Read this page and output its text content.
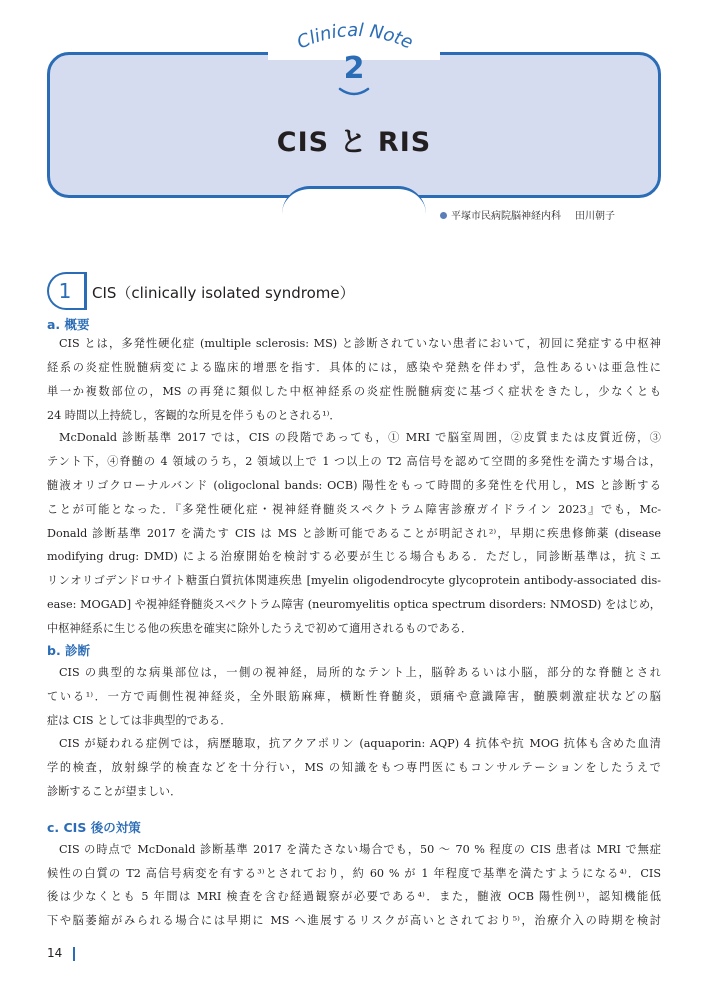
Clinical Note
2
CIS と RIS
平塚市民病院脳神経内科 田川朝子
1	CIS（clinically isolated syndrome）
a. 概要
CIS とは，多発性硬化症 (multiple sclerosis: MS) と診断されていない患者において，初回に発症する中枢神
経系の炎症性脱髄病変による臨床的增悪を指す．具体的には，感染や発熱を伴わず，急性あるいは亜急性に
単一か複数部位の，MS の再発に類似した中枢神経系の炎症性脱髄病変に基づく症状をきたし，少なくとも
24 時間以上持続し，客観的な所見を伴うものとされる¹⁾．
McDonald 診断基準 2017 では，CIS の段階であっても，① MRI で脳室周囲，②皮質または皮質近傍，③
テント下，④脊髄の 4 領域のうち，2 領域以上で 1 つ以上の T2 高信号を認めて空間的多発性を満たす場合は，
髄液オリゴクローナルバンド (oligoclonal bands: OCB) 陽性をもって時間的多発性を代用し，MS と診断する
ことが可能となった．『多発性硬化症・視神経脊髄炎スペクトラム障害診療ガイドライン 2023』でも，Mc-
Donald 診断基準 2017 を満たす CIS は MS と診断可能であることが明記され²⁾，早期に疾患修飾薬 (disease
modifying drug: DMD) による治療開始を検討する必要が生じる場合もある．ただし，同診断基準は，抗ミエ
リンオリゴデンドロサイト糖蛋白質抗体関連疾患 [myelin oligodendrocyte glycoprotein antibody-associated dis-
ease: MOGAD] や視神経脊髄炎スペクトラム障害 (neuromyelitis optica spectrum disorders: NMOSD) をはじめ，
中枢神経系に生じる他の疾患を確実に除外したうえで初めて適用されるものである．
b. 診断
CIS の典型的な病巣部位は，一側の視神経，局所的なテント上，脳幹あるいは小脳，部分的な脊髄とされ
ている¹⁾．一方で両側性視神経炎，全外眼筋麻痺，横断性脊髄炎，頭痛や意識障害，髄膜刺激症状などの脳
症は CIS としては非典型的である．
CIS が疑われる症例では，病歴聴取，抗アクアポリン (aquaporin: AQP) 4 抗体や抗 MOG 抗体も含めた血清
学的検査，放射線学的検査などを十分行い，MS の知識をもつ専門医にもコンサルテーションをしたうえで
診断することが望ましい．
c. CIS 後の対策
CIS の時点で McDonald 診断基準 2017 を満たさない場合でも，50 ～ 70 % 程度の CIS 患者は MRI で無症
候性の白質の T2 高信号病変を有する³⁾とされており，約 60 % が 1 年程度で基準を満たすようになる⁴⁾．CIS
後は少なくとも 5 年間は MRI 検査を含む経過観察が必要である⁴⁾．また，髄液 OCB 陽性例¹⁾，認知機能低
下や脳萎縮がみられる場合には早期に MS へ進展するリスクが高いとされており⁵⁾，治療介入の時期を検討
14
